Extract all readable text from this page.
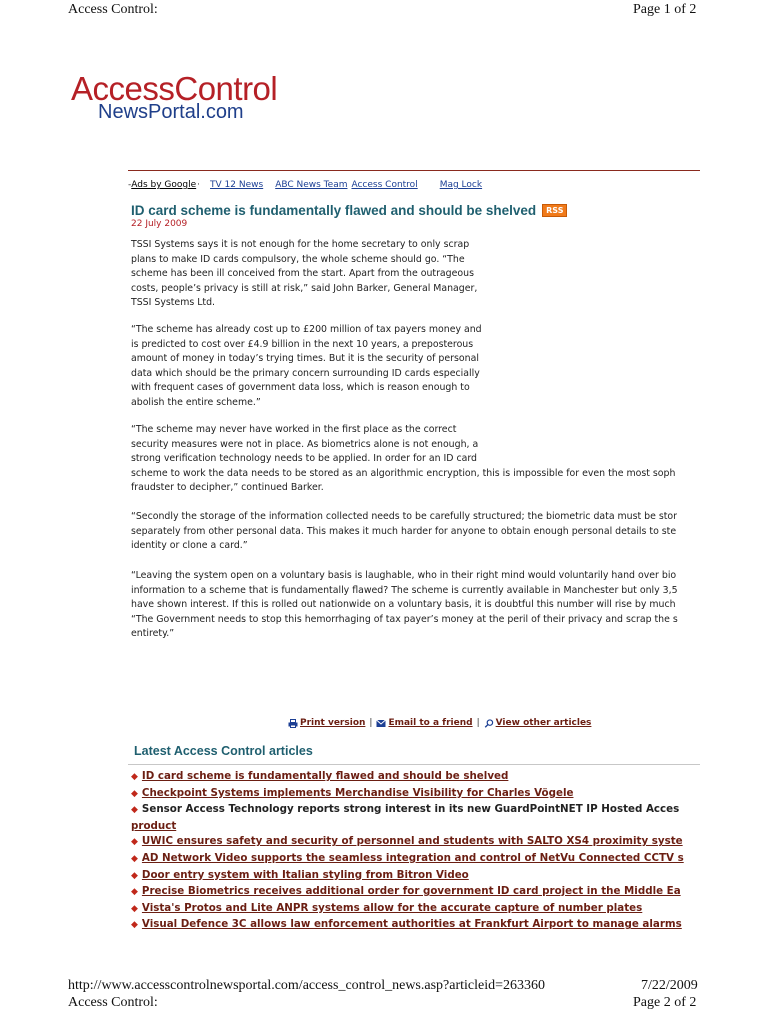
Access Control:	Page 1 of 2
AccessControl
NewsPortal.com
- Ads by Google · TV 12 News ABC News Team Access Control Mag Lock
ID card scheme is fundamentally flawed and should be shelved	RSS
22 July 2009
TSSI Systems says it is not enough for the home secretary to only scrap
plans to make ID cards compulsory, the whole scheme should go. “The
scheme has been ill conceived from the start. Apart from the outrageous
costs, people’s privacy is still at risk,” said John Barker, General Manager,
TSSI Systems Ltd.
“The scheme has already cost up to £200 million of tax payers money and
is predicted to cost over £4.9 billion in the next 10 years, a preposterous
amount of money in today’s trying times. But it is the security of personal
data which should be the primary concern surrounding ID cards especially
with frequent cases of government data loss, which is reason enough to
abolish the entire scheme.”
“The scheme may never have worked in the first place as the correct
security measures were not in place. As biometrics alone is not enough, a
strong verification technology needs to be applied. In order for an ID card
scheme to work the data needs to be stored as an algorithmic encryption, this is impossible for even the most soph
fraudster to decipher,” continued Barker.
“Secondly the storage of the information collected needs to be carefully structured; the biometric data must be stor
separately from other personal data. This makes it much harder for anyone to obtain enough personal details to ste
identity or clone a card.”
“Leaving the system open on a voluntary basis is laughable, who in their right mind would voluntarily hand over bio
information to a scheme that is fundamentally flawed? The scheme is currently available in Manchester but only 3,5
have shown interest. If this is rolled out nationwide on a voluntary basis, it is doubtful this number will rise by much
“The Government needs to stop this hemorrhaging of tax payer’s money at the peril of their privacy and scrap the s
entirety.”
Print version | Email to a friend | View other articles
Latest Access Control articles
◆ ID card scheme is fundamentally flawed and should be shelved
◆ Checkpoint Systems implements Merchandise Visibility for Charles Vögele
◆ Sensor Access Technology reports strong interest in its new GuardPointNET IP Hosted Acces
product
◆ UWIC ensures safety and security of personnel and students with SALTO XS4 proximity syste
◆ AD Network Video supports the seamless integration and control of NetVu Connected CCTV s
◆ Door entry system with Italian styling from Bitron Video
◆ Precise Biometrics receives additional order for government ID card project in the Middle Ea
◆ Vista's Protos and Lite ANPR systems allow for the accurate capture of number plates
◆ Visual Defence 3C allows law enforcement authorities at Frankfurt Airport to manage alarms
http://www.accesscontrolnewsportal.com/access_control_news.asp?articleid=263360	7/22/2009
Access Control:	Page 2 of 2
